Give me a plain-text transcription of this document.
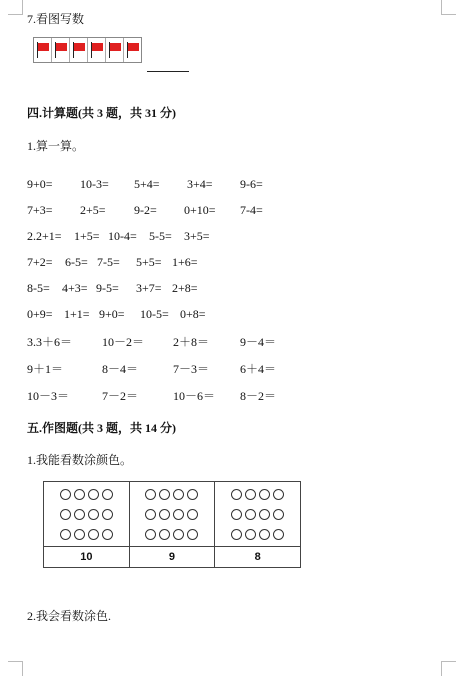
7.看图写数
四.计算题(共 3 题，共 31 分)
1.算一算。
9+0= 10-3= 5+4= 3+4= 9-6=
7+3= 2+5= 9-2= 0+10= 7-4=
2.2+1= 1+5= 10-4= 5-5= 3+5=
7+2= 6-5= 7-5= 5+5= 1+6=
8-5= 4+3= 9-5= 3+7= 2+8=
0+9= 1+1= 9+0= 10-5= 0+8=
3.3＋6＝ 10－2＝ 2＋8＝	9－4＝
9＋1＝	8－4＝	7－3＝	6＋4＝
10－3＝	7－2＝	10－6＝ 8－2＝
五.作图题(共 3 题，共 14 分)
1.我能看数涂颜色。

10	9	8
2.我会看数涂色.
